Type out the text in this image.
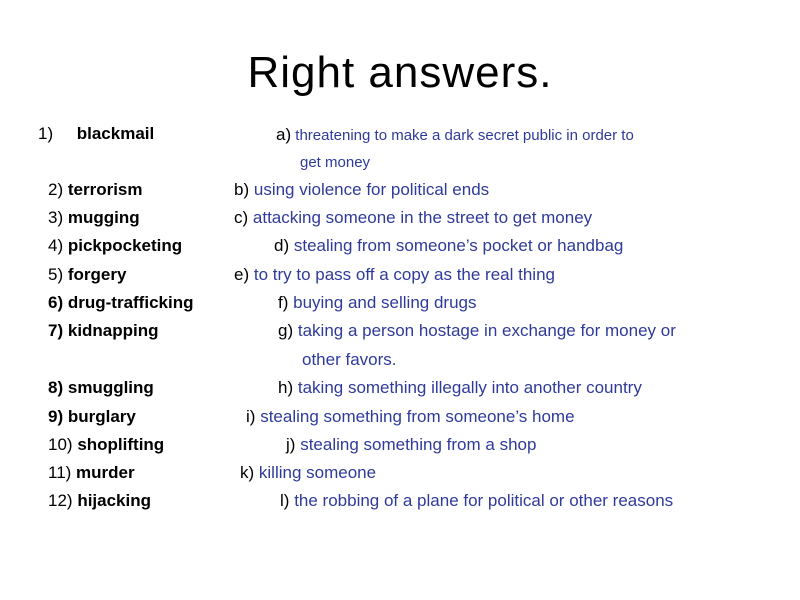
Right answers.
1) blackmail	a) threatening to make a dark secret public in order to
get money
2) terrorism	b) using violence for political ends
3) mugging	c) attacking someone in the street to get money
4) pickpocketing	d) stealing from someone’s pocket or handbag
5) forgery	e) to try to pass off a copy as the real thing
6) drug-trafficking	f) buying and selling drugs
7) kidnapping	g) taking a person hostage in exchange for money or
other favors.
8) smuggling	h) taking something illegally into another country
9) burglary	i) stealing something from someone’s home
10) shoplifting	j) stealing something from a shop
11) murder	k) killing someone
12) hijacking	l) the robbing of a plane for political or other reasons
